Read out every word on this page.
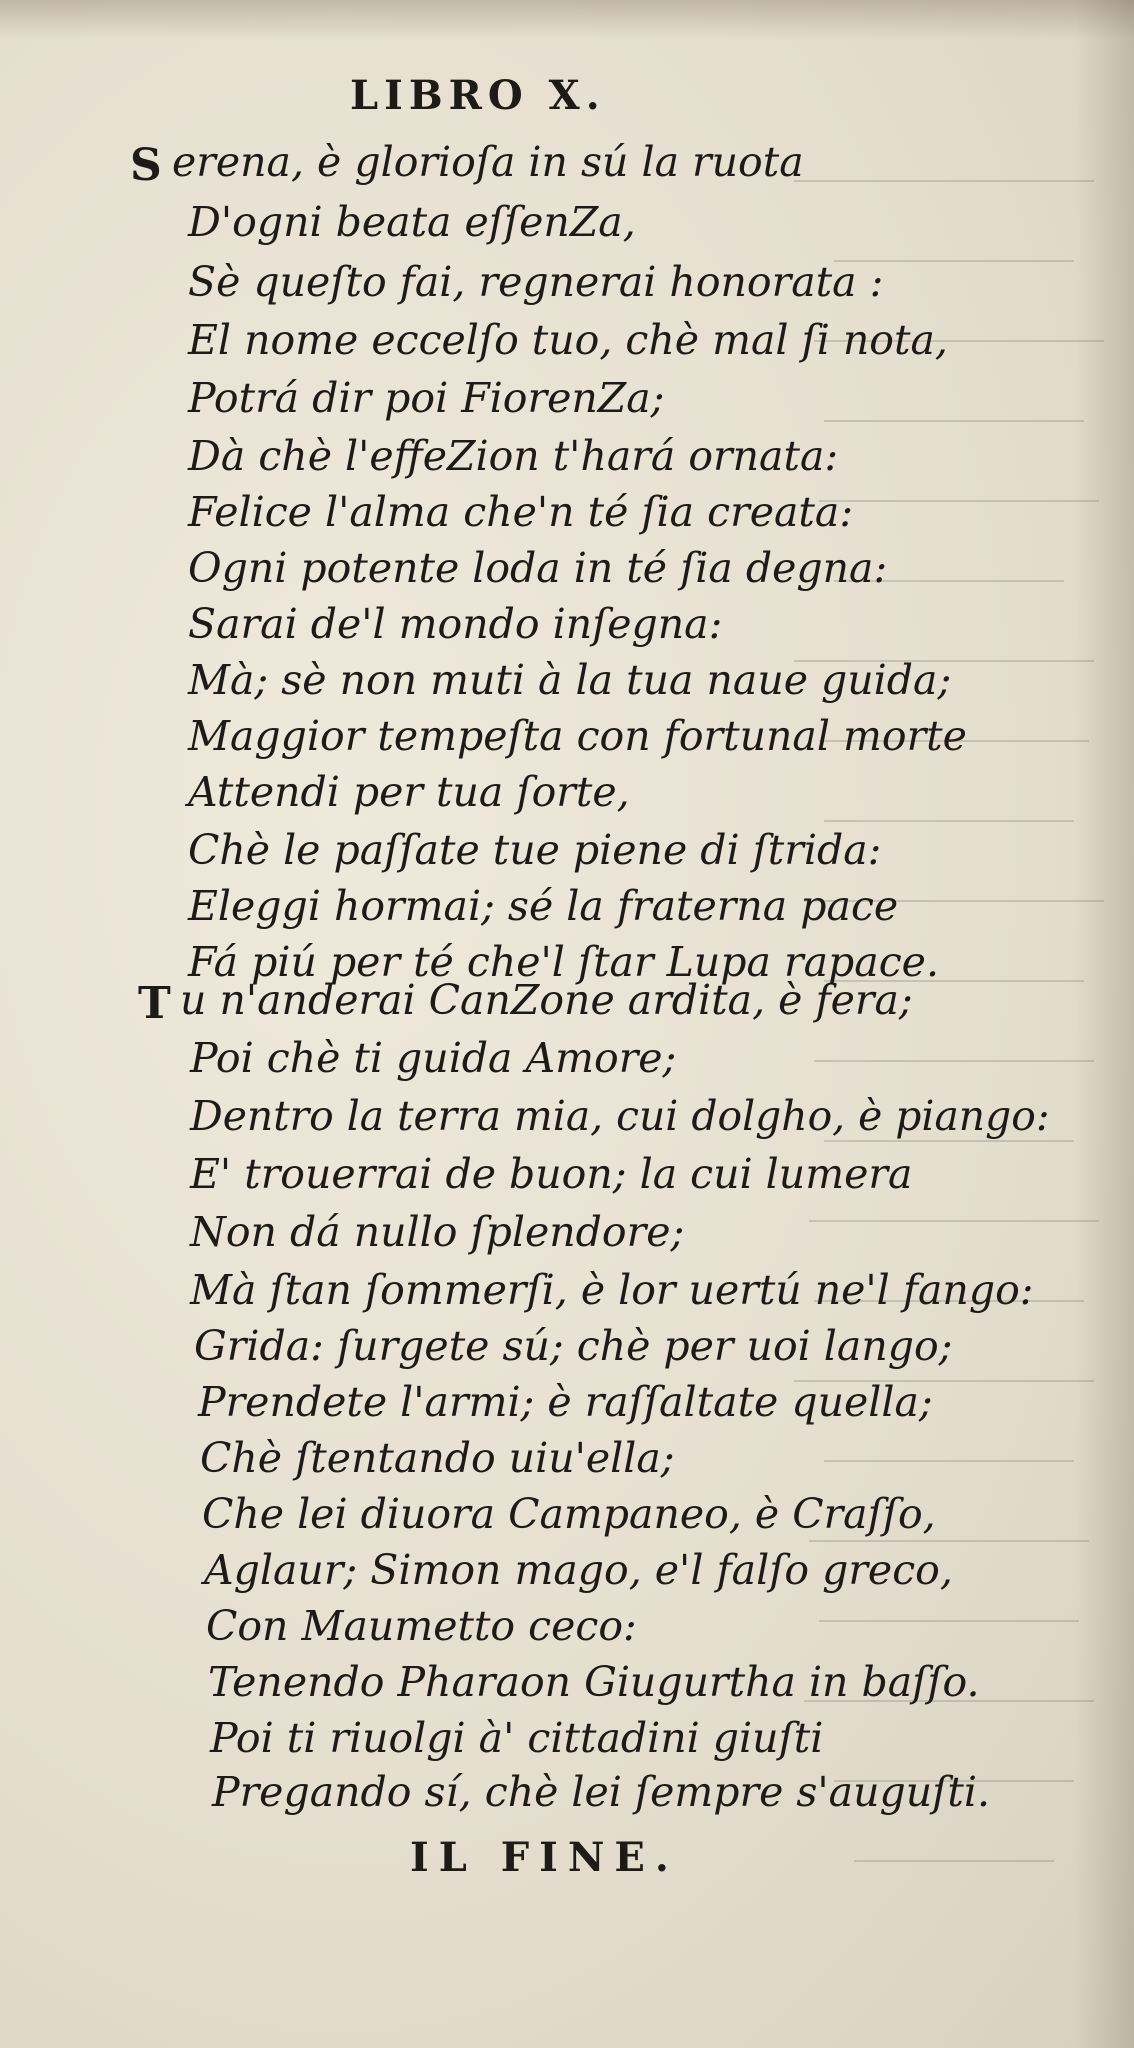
LIBRO X.
S erena, è glorioſa in sú la ruota
D'ogni beata eſſenZa,
Sè queſto fai, regnerai honorata :
El nome eccelſo tuo, chè mal ſi nota,
Potrá dir poi FiorenZa;
Dà chè l'effeZion t'hará ornata:
Felice l'alma che'n té ſia creata:
Ogni potente loda in té ſia degna:
Sarai de'l mondo inſegna:
Mà; sè non muti à la tua naue guida;
Maggior tempeſta con fortunal morte
Attendi per tua ſorte,
Chè le paſſate tue piene di ſtrida:
Eleggi hormai; sé la fraterna pace
Fá piú per té che'l ſtar Lupa rapace.
T u n'anderai CanZone ardita, è fera;
Poi chè ti guida Amore;
Dentro la terra mia, cui dolgho, è piango:
E' trouerrai de buon; la cui lumera
Non dá nullo ſplendore;
Mà ſtan ſommerſi, è lor uertú ne'l fango:
Grida: ſurgete sú; chè per uoi lango;
Prendete l'armi; è raſſaltate quella;
Chè ſtentando uiu'ella;
Che lei diuora Campaneo, è Craſſo,
Aglaur; Simon mago, e'l falſo greco,
Con Maumetto ceco:
Tenendo Pharaon Giugurtha in baſſo.
Poi ti riuolgi à' cittadini giuſti
Pregando sí, chè lei ſempre s'auguſti.
IL FINE.
